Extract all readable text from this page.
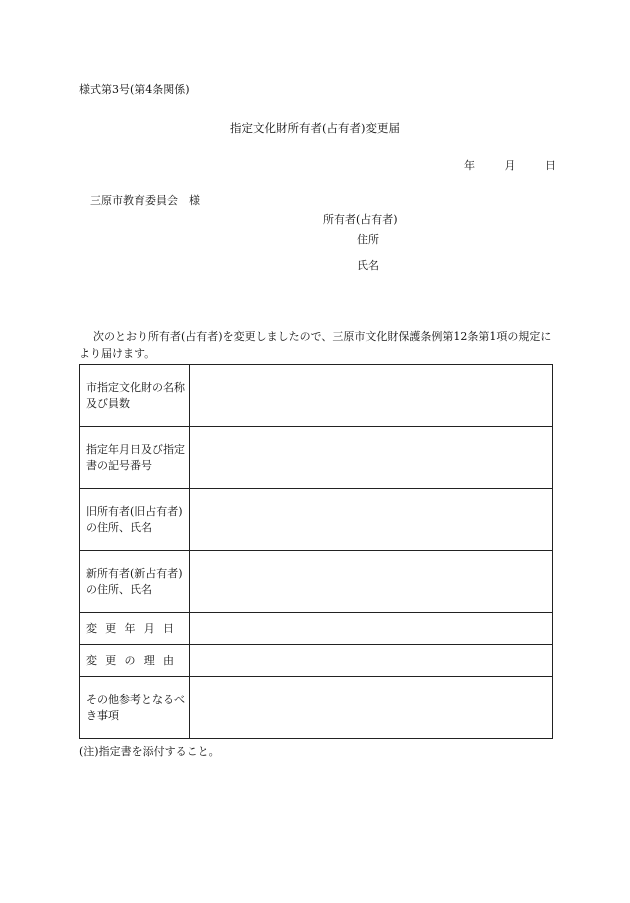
様式第3号(第4条関係)
指定文化財所有者(占有者)変更届
年	月	日
三原市教育委員会　様
所有者(占有者)
住所
氏名
次のとおり所有者(占有者)を変更しましたので、三原市文化財保護条例第12条第1項の規定により届けます。
市指定文化財の名称及び員数	
指定年月日及び指定書の記号番号	
旧所有者(旧占有者)の住所、氏名	
新所有者(新占有者)の住所、氏名	
変更年月日	
変更の理由	
その他参考となるべき事項	
(注)指定書を添付すること。
